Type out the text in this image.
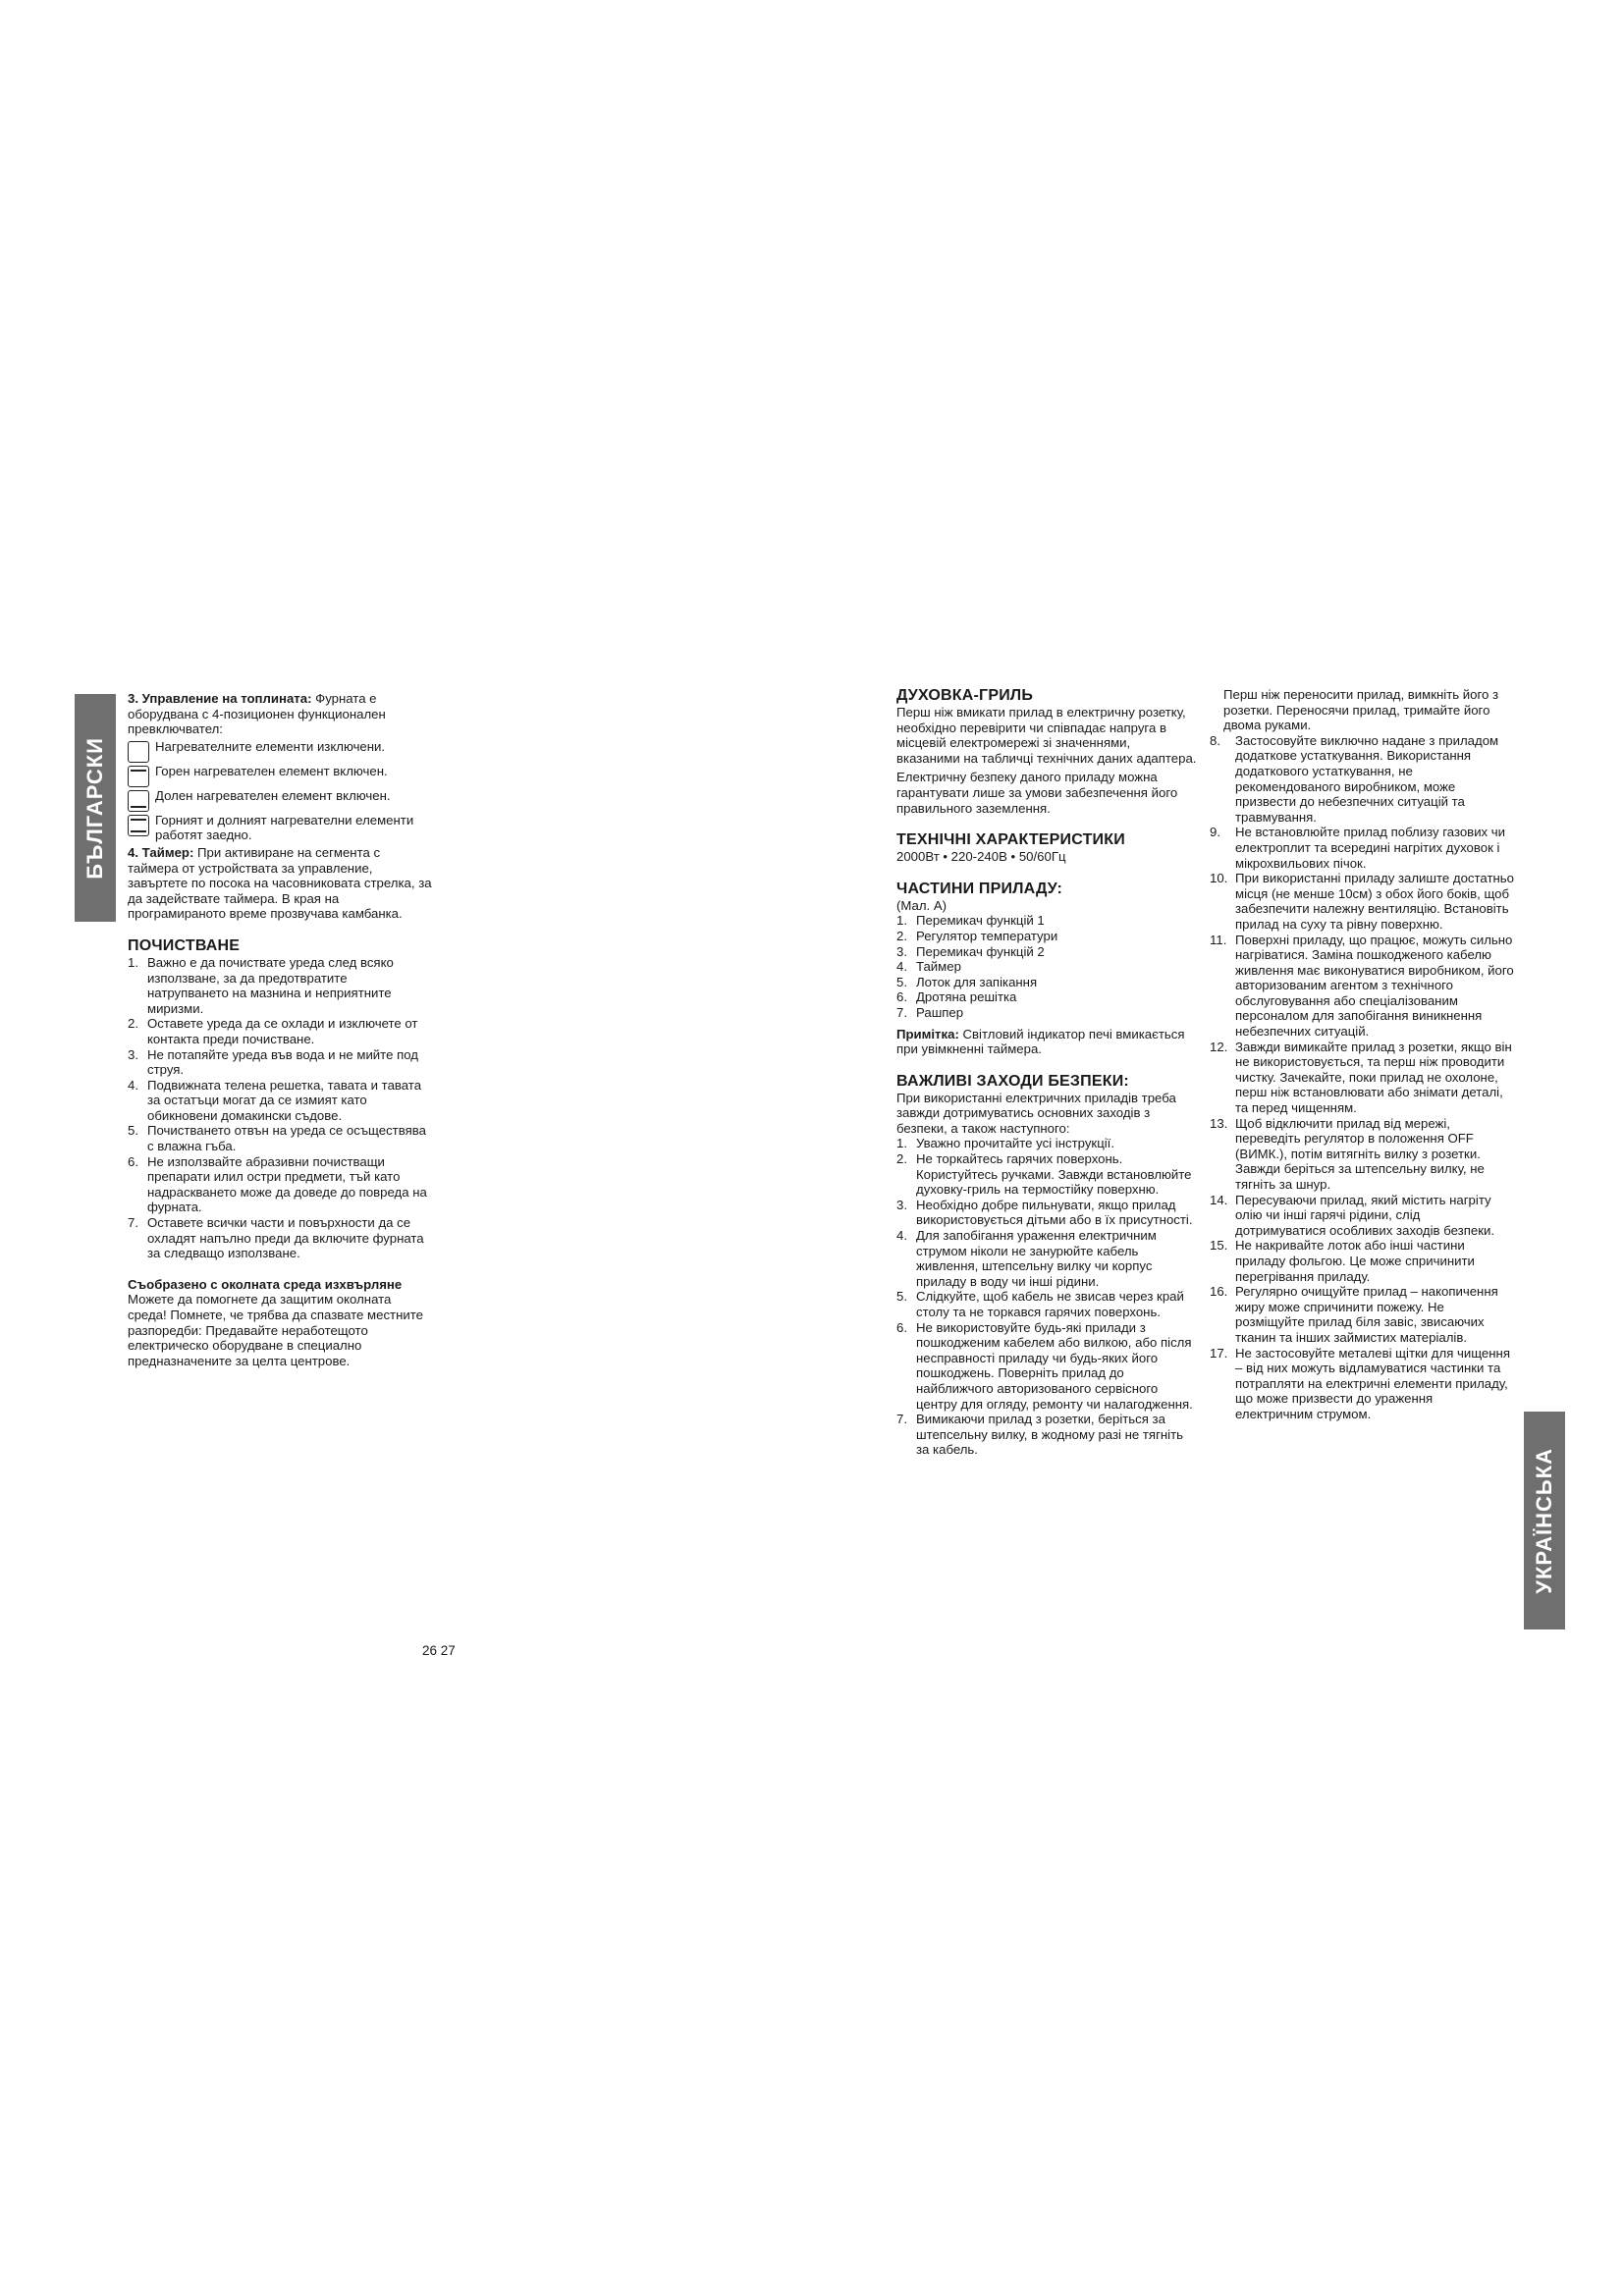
БЪЛГАРСКИ

3. Управление на топлината: Фурната е оборудвана с 4-позиционен функционален превключвател:

Нагревателните елементи изключени.
Горен нагревателен елемент включен.
Долен нагревателен елемент включен.
Горният и долният нагревателни елементи работят заедно.

4. Таймер: При активиране на сегмента с таймера от устройствата за управление, завъртете по посока на часовниковата стрелка, за да задействате таймера. В края на програмираното време прозвучава камбанка.

ПОЧИСТВАНЕ
1. Важно е да почиствате уреда след всяко използване, за да предотвратите натрупването на мазнина и неприятните миризми.
2. Оставете уреда да се охлади и изключете от контакта преди почистване.
3. Не потапяйте уреда във вода и не мийте под струя.
4. Подвижната телена решетка, тавата и тавата за остатъци могат да се измият като обикновени домакински съдове.
5. Почистването отвън на уреда се осъществява с влажна гъба.
6. Не използвайте абразивни почистващи препарати илил остри предмети, тъй като надраскването може да доведе до повреда на фурната.
7. Оставете всички части и повърхности да се охладят напълно преди да включите фурната за следващо използване.
Съобразено с околната среда изхвърляне

Можете да помогнете да защитим околната среда! Помнете, че трябва да спазвате местните разпоредби: Предавайте неработещото електрическо оборудване в специално предназначените за целта центрове.

26 27
ДУХОВКА-ГРИЛЬ

Перш ніж вмикати прилад в електричну розетку, необхідно перевірити чи співпадає напруга в місцевій електромережі зі значеннями, вказаними на табличці технічних даних адаптера.

Електричну безпеку даного приладу можна гарантувати лише за умови забезпечення його правильного заземлення.

ТЕХНІЧНІ ХАРАКТЕРИСТИКИ

2000Вт • 220-240В • 50/60Гц

ЧАСТИНИ ПРИЛАДУ:

(Мал. А)

1. Перемикач функцій 1
2. Регулятор температури
3. Перемикач функцій 2
4. Таймер
5. Лоток для запікання
6. Дротяна решітка
7. Рашпер

Примітка: Світловий індикатор печі вмикається при увімкненні таймера.

ВАЖЛИВІ ЗАХОДИ БЕЗПЕКИ:

При використанні електричних приладів треба завжди дотримуватись основних заходів з безпеки, а також наступного:

1. Уважно прочитайте усі інструкції.
2. Не торкайтесь гарячих поверхонь. Користуйтесь ручками. Завжди встановлюйте духовку-гриль на термостійку поверхню.
3. Необхідно добре пильнувати, якщо прилад використовується дітьми або в їх присутності.
4. Для запобігання ураження електричним струмом ніколи не занурюйте кабель живлення, штепсельну вилку чи корпус приладу в воду чи інші рідини.
5. Слідкуйте, щоб кабель не звисав через край столу та не торкався гарячих поверхонь.
6. Не використовуйте будь-які прилади з пошкодженим кабелем або вилкою, або після несправності приладу чи будь-яких його пошкоджень. Поверніть прилад до найближчого авторизованого сервісного центру для огляду, ремонту чи налагодження.
7. Вимикаючи прилад з розетки, беріться за штепсельну вилку, в жодному разі не тягніть за кабель.

Перш ніж переносити прилад, вимкніть його з розетки. Переносячи прилад, тримайте його двома руками.

8. Застосовуйте виключно надане з приладом додаткове устаткування. Використання додаткового устаткування, не рекомендованого виробником, може призвести до небезпечних ситуацій та травмування.
9. Не встановлюйте прилад поблизу газових чи електроплит та всередині нагрітих духовок і мікрохвильових пічок.
10. При використанні приладу залиште достатньо місця (не менше 10см) з обох його боків, щоб забезпечити належну вентиляцію. Встановіть прилад на суху та рівну поверхню.
11. Поверхні приладу, що працює, можуть сильно нагріватися. Заміна пошкодженого кабелю живлення має виконуватися виробником, його авторизованим агентом з технічного обслуговування або спеціалізованим персоналом для запобігання виникнення небезпечних ситуацій.
12. Завжди вимикайте прилад з розетки, якщо він не використовується, та перш ніж проводити чистку. Зачекайте, поки прилад не охолоне, перш ніж встановлювати або знімати деталі, та перед чищенням.
13. Щоб відключити прилад від мережі, переведіть регулятор в положення OFF (ВИМК.), потім витягніть вилку з розетки. Завжди беріться за штепсельну вилку, не тягніть за шнур.
14. Пересуваючи прилад, який містить нагріту олію чи інші гарячі рідини, слід дотримуватися особливих заходів безпеки.
15. Не накривайте лоток або інші частини приладу фольгою. Це може спричинити перегрівання приладу.
16. Регулярно очищуйте прилад – накопичення жиру може спричинити пожежу. Не розміщуйте прилад біля завіс, звисаючих тканин та інших займистих матеріалів.
17. Не застосовуйте металеві щітки для чищення – від них можуть відламуватися частинки та потрапляти на електричні елементи приладу, що може призвести до ураження електричним струмом.
УКРАЇНСЬКА
